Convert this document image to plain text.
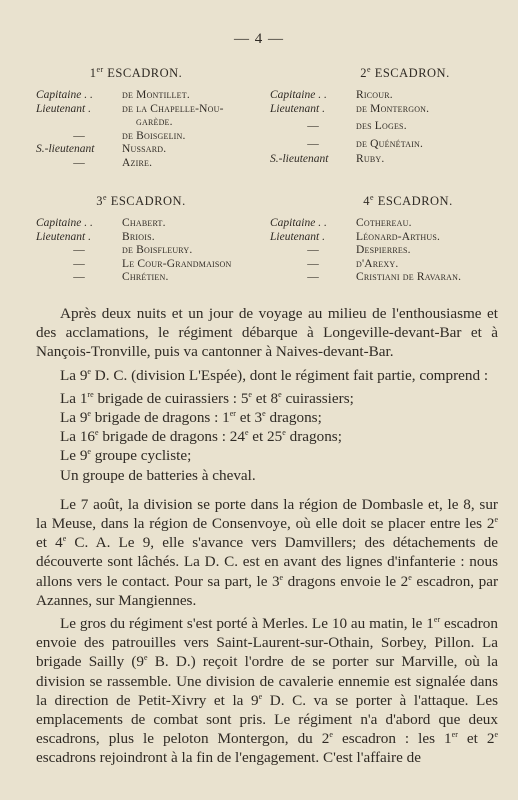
— 4 —
1er ESCADRON.
Capitaine . .	de Montillet.
Lieutenant .	de la Chapelle-Nou-
garède.
—	de Boisgelin.
S.-lieutenant	Nussard.
—	Azire.
2e ESCADRON.
Capitaine . .	Ricour.
Lieutenant .	de Montergon.
—	des Loges.
—	de Quénétain.
S.-lieutenant	Ruby.
3e ESCADRON.
Capitaine . .	Chabert.
Lieutenant .	Briois.
—	de Boisfleury.
—	Le Cour-Grandmaison
—	Chrétien.
4e ESCADRON.
Capitaine . .	Cothereau.
Lieutenant .	Léonard-Arthus.
—	Despierres.
—	d'Arexy.
—	Cristiani de Ravaran.

Après deux nuits et un jour de voyage au milieu de l'enthousiasme et des acclamations, le régiment débarque à Longeville-devant-Bar et à Nançois-Tronville, puis va cantonner à Naives-devant-Bar.

La 9e D. C. (division L'Espée), dont le régiment fait partie, comprend :

La 1re brigade de cuirassiers : 5e et 8e cuirassiers;
La 9e brigade de dragons : 1er et 3e dragons;
La 16e brigade de dragons : 24e et 25e dragons;
Le 9e groupe cycliste;
Un groupe de batteries à cheval.

Le 7 août, la division se porte dans la région de Dombasle et, le 8, sur la Meuse, dans la région de Consenvoye, où elle doit se placer entre les 2e et 4e C. A. Le 9, elle s'avance vers Damvillers; des détachements de découverte sont lâchés. La D. C. est en avant des lignes d'infanterie : nous allons vers le contact. Pour sa part, le 3e dragons envoie le 2e escadron, par Azannes, sur Mangiennes.

Le gros du régiment s'est porté à Merles. Le 10 au matin, le 1er escadron envoie des patrouilles vers Saint-Laurent-sur-Othain, Sorbey, Pillon. La brigade Sailly (9e B. D.) reçoit l'ordre de se porter sur Marville, où la division se rassemble. Une division de cavalerie ennemie est signalée dans la direction de Petit-Xivry et la 9e D. C. va se porter à l'attaque. Les emplacements de combat sont pris. Le régiment n'a d'abord que deux escadrons, plus le peloton Montergon, du 2e escadron : les 1er et 2e escadrons rejoindront à la fin de l'engagement. C'est l'affaire de
